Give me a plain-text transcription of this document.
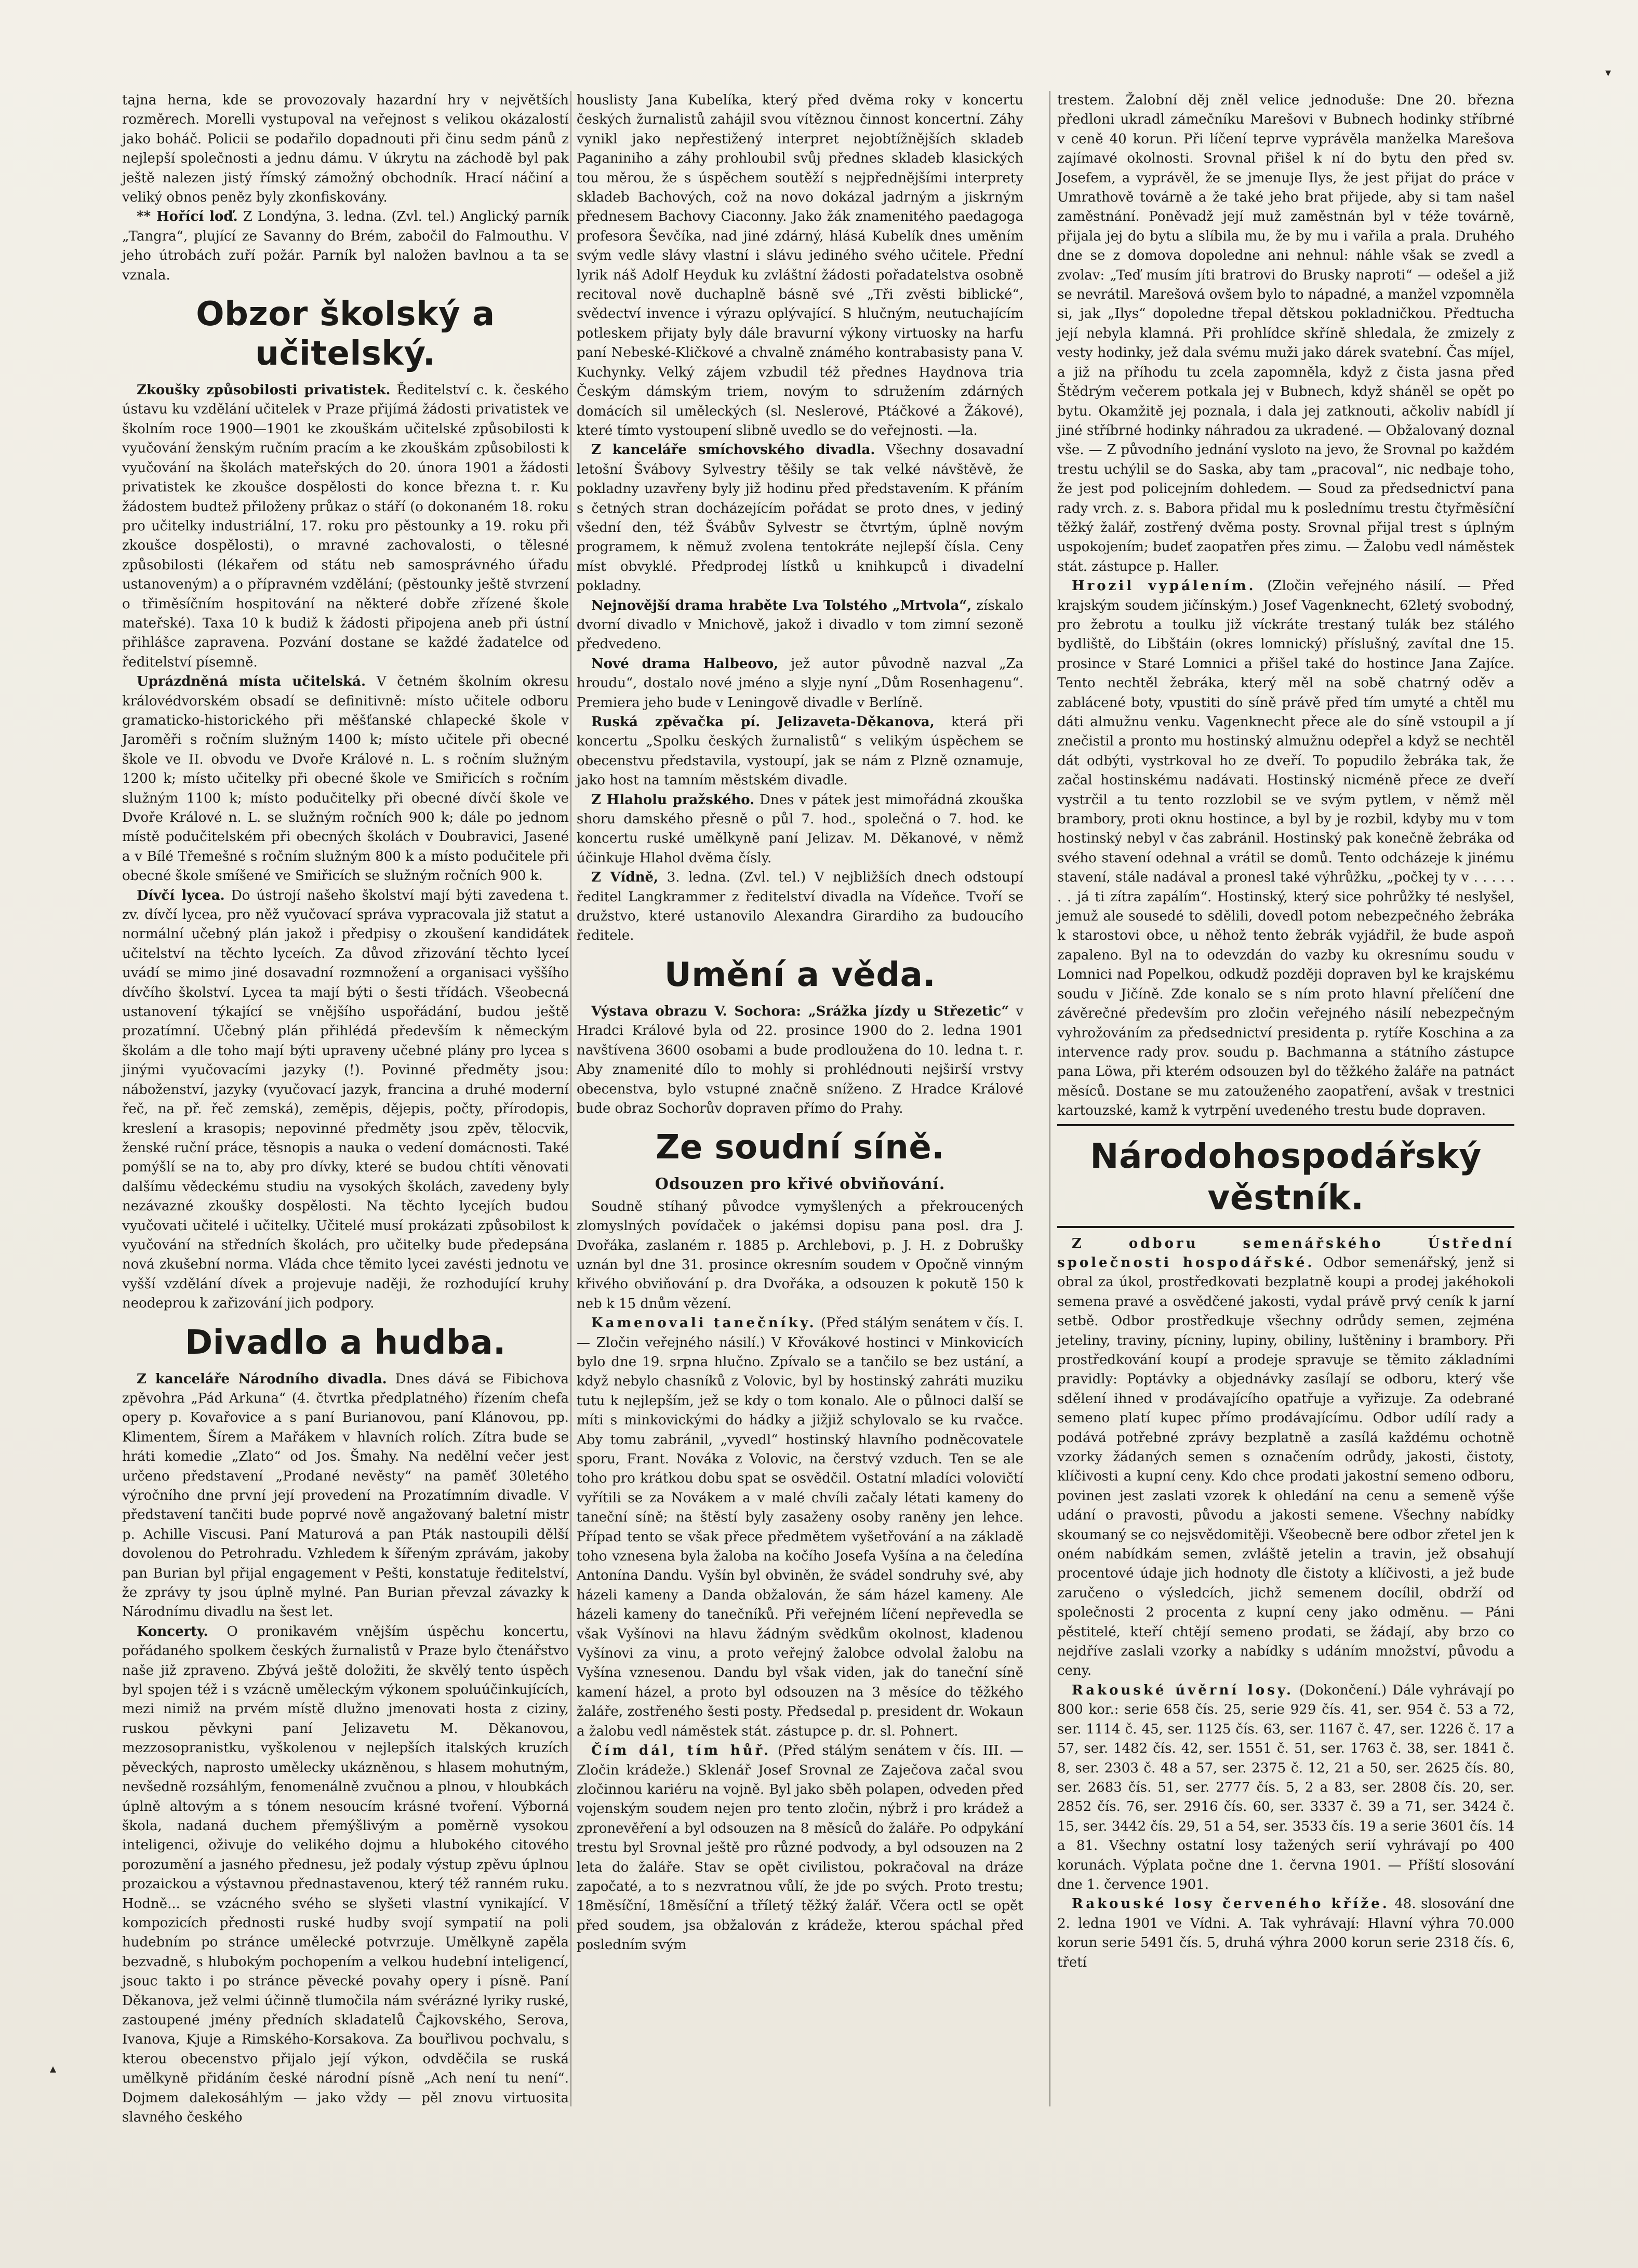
▾
▴

tajna herna, kde se provozovaly hazardní hry v největších rozměrech. Morelli vystupoval na veřejnost s velikou okázalostí jako boháč. Policii se podařilo dopadnouti při činu sedm pánů z nejlepší společnosti a jednu dámu. V úkrytu na záchodě byl pak ještě nalezen jistý římský zámožný obchodník. Hrací náčiní a veliký obnos peněz byly zkonfiskovány.

** Hořící loď. Z Londýna, 3. ledna. (Zvl. tel.) Anglický parník „Tangra“, plující ze Savanny do Brém, zabočil do Falmouthu. V jeho útrobách zuří požár. Parník byl naložen bavlnou a ta se vznala.

Obzor školský a učitelský.

Zkoušky způsobilosti privatistek. Ředitelství c. k. českého ústavu ku vzdělání učitelek v Praze přijímá žádosti privatistek ve školním roce 1900—1901 ke zkouškám učitelské způsobilosti k vyučování ženským ručním pracím a ke zkouškám způsobilosti k vyučování na školách mateřských do 20. února 1901 a žádosti privatistek ke zkoušce dospělosti do konce března t. r. Ku žádostem budtež přiloženy průkaz o stáří (o dokonaném 18. roku pro učitelky industriální, 17. roku pro pěstounky a 19. roku při zkoušce dospělosti), o mravné zachovalosti, o tělesné způsobilosti (lékařem od státu neb samosprávného úřadu ustanoveným) a o přípravném vzdělání; (pěstounky ještě stvrzení o třiměsíčním hospitování na některé dobře zřízené škole mateřské). Taxa 10 k budiž k žádosti připojena aneb při ústní přihlášce zapravena. Pozvání dostane se každé žadatelce od ředitelství písemně.

Uprázdněná místa učitelská. V četném školním okresu královédvorském obsadí se definitivně: místo učitele odboru gramaticko-historického při měšťanské chlapecké škole v Jaroměři s ročním služným 1400 k; místo učitele při obecné škole ve II. obvodu ve Dvoře Králové n. L. s ročním služným 1200 k; místo učitelky při obecné škole ve Smiřicích s ročním služným 1100 k; místo podučitelky při obecné dívčí škole ve Dvoře Králové n. L. se služným ročních 900 k; dále po jednom místě podučitelském při obecných školách v Doubravici, Jasené a v Bílé Třemešné s ročním služným 800 k a místo podučitele při obecné škole smíšené ve Smiřicích se služným ročních 900 k.

Dívčí lycea. Do ústrojí našeho školství mají býti zavedena t. zv. dívčí lycea, pro něž vyučovací správa vypracovala již statut a normální učebný plán jakož i předpisy o zkoušení kandidátek učitelství na těchto lyceích. Za důvod zřizování těchto lyceí uvádí se mimo jiné dosavadní rozmnožení a organisaci vyššího dívčího školství. Lycea ta mají býti o šesti třídách. Všeobecná ustanovení týkající se vnějšího uspořádání, budou ještě prozatímní. Učebný plán přihlédá především k německým školám a dle toho mají býti upraveny učebné plány pro lycea s jinými vyučovacími jazyky (!). Povinné předměty jsou: náboženství, jazyky (vyučovací jazyk, francina a druhé moderní řeč, na př. řeč zemská), zeměpis, dějepis, počty, přírodopis, kreslení a krasopis; nepovinné předměty jsou zpěv, tělocvik, ženské ruční práce, těsnopis a nauka o vedení domácnosti. Také pomýšlí se na to, aby pro dívky, které se budou chtíti věnovati dalšímu vědeckému studiu na vysokých školách, zavedeny byly nezávazné zkoušky dospělosti. Na těchto lycejích budou vyučovati učitelé i učitelky. Učitelé musí prokázati způsobilost k vyučování na středních školách, pro učitelky bude předepsána nová zkušební norma. Vláda chce těmito lycei zavésti jednotu ve vyšší vzdělání dívek a projevuje naději, že rozhodující kruhy neodeprou k zařizování jich podpory.

Divadlo a hudba.

Z kanceláře Národního divadla. Dnes dává se Fibichova zpěvohra „Pád Arkuna“ (4. čtvrtka předplatného) řízením chefa opery p. Kovařovice a s paní Burianovou, paní Klánovou, pp. Klimentem, Šírem a Mařákem v hlavních rolích. Zítra bude se hráti komedie „Zlato“ od Jos. Šmahy. Na nedělní večer jest určeno představení „Prodané nevěsty“ na paměť 30letého výročního dne první její provedení na Prozatímním divadle. V představení tančiti bude poprvé nově angažovaný baletní mistr p. Achille Viscusi. Paní Maturová a pan Pták nastoupili dělší dovolenou do Petrohradu. Vzhledem k šířeným zprávám, jakoby pan Burian byl přijal engagement v Pešti, konstatuje ředitelství, že zprávy ty jsou úplně mylné. Pan Burian převzal závazky k Národnímu divadlu na šest let.

Koncerty. O pronikavém vnějším úspěchu koncertu, pořádaného spolkem českých žurnalistů v Praze bylo čtenářstvo naše již zpraveno. Zbývá ještě doložiti, že skvělý tento úspěch byl spojen též i s vzácně uměleckým výkonem spoluúčinkujících, mezi nimiž na prvém místě dlužno jmenovati hosta z ciziny, ruskou pěvkyni paní Jelizavetu M. Děkanovou, mezzosopranistku, vyškolenou v nejlepších italských kruzích pěveckých, naprosto umělecky ukázněnou, s hlasem mohutným, nevšedně rozsáhlým, fenomenálně zvučnou a plnou, v hloubkách úplně altovým a s tónem nesoucím krásné tvoření. Výborná škola, nadaná duchem přemýšlivým a poměrně vysokou inteligenci, oživuje do velikého dojmu a hlubokého citového porozumění a jasného přednesu, jež podaly výstup zpěvu úplnou prozaickou a výstavnou přednastavenou, který též ranném ruku. Hodně... se vzácného svého se slyšeti vlastní vynikající. V kompozicích přednosti ruské hudby svojí sympatií na poli hudebním po stránce umělecké potvrzuje. Umělkyně zapěla bezvadně, s hlubokým pochopením a velkou hudební inteligencí, jsouc takto i po stránce pěvecké povahy opery i písně. Paní Děkanova, jež velmi účinně tlumočila nám svérázné lyriky ruské, zastoupené jmény předních skladatelů Čajkovského, Serova, Ivanova, Kjuje a Rimského-Korsakova. Za bouřlivou pochvalu, s kterou obecenstvo přijalo její výkon, odvděčila se ruská umělkyně přidáním české národní písně „Ach není tu není“. Dojmem dalekosáhlým — jako vždy — pěl znovu virtuosita slavného českého

houslisty Jana Kubelíka, který před dvěma roky v koncertu českých žurnalistů zahájil svou vítěznou činnost koncertní. Záhy vynikl jako nepřestižený interpret nejobtížnějších skladeb Paganiniho a záhy prohloubil svůj přednes skladeb klasických tou měrou, že s úspěchem soutěží s nejpřednějšími interprety skladeb Bachových, což na novo dokázal jadrným a jiskrným přednesem Bachovy Ciaconny. Jako žák znamenitého paedagoga profesora Ševčíka, nad jiné zdárný, hlásá Kubelík dnes uměním svým vedle slávy vlastní i slávu jediného svého učitele. Přední lyrik náš Adolf Heyduk ku zvláštní žádosti pořadatelstva osobně recitoval nově duchaplně básně své „Tři zvěsti biblické“, svědectví invence i výrazu oplývající. S hlučným, neutuchajícím potleskem přijaty byly dále bravurní výkony virtuosky na harfu paní Nebeské-Kličkové a chvalně známého kontrabasisty pana V. Kuchynky. Velký zájem vzbudil též přednes Haydnova tria Českým dámským triem, novým to sdružením zdárných domácích sil uměleckých (sl. Neslerové, Ptáčkové a Žákové), které tímto vystoupení slibně uvedlo se do veřejnosti. —la.

Z kanceláře smíchovského divadla. Všechny dosavadní letošní Švábovy Sylvestry těšily se tak velké návštěvě, že pokladny uzavřeny byly již hodinu před představením. K přáním s četných stran docházejícím pořádat se proto dnes, v jediný všední den, též Švábův Sylvestr se čtvrtým, úplně novým programem, k němuž zvolena tentokráte nejlepší čísla. Ceny míst obvyklé. Předprodej lístků u knihkupců i divadelní pokladny.

Nejnovější drama hraběte Lva Tolstého „Mrtvola“, získalo dvorní divadlo v Mnichově, jakož i divadlo v tom zimní sezoně předvedeno.

Nové drama Halbeovo, jež autor původně nazval „Za hroudu“, dostalo nové jméno a slyje nyní „Dům Rosenhagenu“. Premiera jeho bude v Leningově divadle v Berlíně.

Ruská zpěvačka pí. Jelizaveta-Děkanova, která při koncertu „Spolku českých žurnalistů“ s velikým úspěchem se obecenstvu představila, vystoupí, jak se nám z Plzně oznamuje, jako host na tamním městském divadle.

Z Hlaholu pražského. Dnes v pátek jest mimořádná zkouška shoru damského přesně o půl 7. hod., společná o 7. hod. ke koncertu ruské umělkyně paní Jelizav. M. Děkanové, v němž účinkuje Hlahol dvěma čísly.

Z Vídně, 3. ledna. (Zvl. tel.) V nejbližších dnech odstoupí ředitel Langkrammer z ředitelství divadla na Vídeňce. Tvoří se družstvo, které ustanovilo Alexandra Girardiho za budoucího ředitele.

Umění a věda.

Výstava obrazu V. Sochora: „Srážka jízdy u Střezetic“ v Hradci Králové byla od 22. prosince 1900 do 2. ledna 1901 navštívena 3600 osobami a bude prodloužena do 10. ledna t. r. Aby znamenité dílo to mohly si prohlédnouti nejširší vrstvy obecenstva, bylo vstupné značně sníženo. Z Hradce Králové bude obraz Sochorův dopraven přímo do Prahy.

Ze soudní síně.
Odsouzen pro křivé obviňování.

Soudně stíhaný původce vymyšlených a překroucených zlomyslných povídaček o jakémsi dopisu pana posl. dra J. Dvořáka, zaslaném r. 1885 p. Archlebovi, p. J. H. z Dobrušky uznán byl dne 31. prosince okresním soudem v Opočně vinným křivého obviňování p. dra Dvořáka, a odsouzen k pokutě 150 k neb k 15 dnům vězení.

Kamenovali tanečníky. (Před stálým senátem v čís. I. — Zločin veřejného násilí.) V Křovákové hostinci v Minkovicích bylo dne 19. srpna hlučno. Zpívalo se a tančilo se bez ustání, a když nebylo chasníků z Volovic, byl by hostinský zahráti muziku tutu k nejlepším, jež se kdy o tom konalo. Ale o půlnoci další se míti s minkovickými do hádky a jižjiž schylovalo se ku rvačce. Aby tomu zabránil, „vyvedl“ hostinský hlavního podněcovatele sporu, Frant. Nováka z Volovic, na čerstvý vzduch. Ten se ale toho pro krátkou dobu spat se osvědčil. Ostatní mladíci volovičtí vyřítili se za Novákem a v malé chvíli začaly létati kameny do taneční síně; na štěstí byly zasaženy osoby raněny jen lehce. Případ tento se však přece předmětem vyšetřování a na základě toho vznesena byla žaloba na kočího Josefa Vyšína a na čeledína Antonína Dandu. Vyšín byl obviněn, že svádel sondruhy své, aby házeli kameny a Danda obžalován, že sám házel kameny. Ale házeli kameny do tanečníků. Při veřejném líčení nepřevedla se však Vyšínovi na hlavu žádným svědkům okolnost, kladenou Vyšínovi za vinu, a proto veřejný žalobce odvolal žalobu na Vyšína vznesenou. Dandu byl však viden, jak do taneční síně kamení házel, a proto byl odsouzen na 3 měsíce do těžkého žaláře, zostřeného šesti posty. Předsedal p. president dr. Wokaun a žalobu vedl náměstek stát. zástupce p. dr. sl. Pohnert.

Čím dál, tím hůř. (Před stálým senátem v čís. III. — Zločin krádeže.) Sklenář Josef Srovnal ze Zaječova začal svou zločinnou kariéru na vojně. Byl jako sběh polapen, odveden před vojenským soudem nejen pro tento zločin, nýbrž i pro krádež a zpronevěření a byl odsouzen na 8 měsíců do žaláře. Po odpykání trestu byl Srovnal ještě pro různé podvody, a byl odsouzen na 2 leta do žaláře. Stav se opět civilistou, pokračoval na dráze započaté, a to s nezvratnou vůlí, že jde po svých. Proto trestu; 18měsíční, 18měsíční a tříletý těžký žalář. Včera octl se opět před soudem, jsa obžalován z krádeže, kterou spáchal před posledním svým

trestem. Žalobní děj zněl velice jednoduše: Dne 20. března předloni ukradl zámečníku Marešovi v Bubnech hodinky stříbrné v ceně 40 korun. Při líčení teprve vyprávěla manželka Marešova zajímavé okolnosti. Srovnal přišel k ní do bytu den před sv. Josefem, a vyprávěl, že se jmenuje Ilys, že jest přijat do práce v Umrathově továrně a že také jeho brat přijede, aby si tam našel zaměstnání. Poněvadž její muž zaměstnán byl v téže továrně, přijala jej do bytu a slíbila mu, že by mu i vařila a prala. Druhého dne se z domova dopoledne ani nehnul: náhle však se zvedl a zvolav: „Teď musím jíti bratrovi do Brusky naproti“ — odešel a již se nevrátil. Marešová ovšem bylo to nápadné, a manžel vzpomněla si, jak „Ilys“ dopoledne třepal dětskou pokladničkou. Předtucha její nebyla klamná. Při prohlídce skříně shledala, že zmizely z vesty hodinky, jež dala svému muži jako dárek svatební. Čas míjel, a již na příhodu tu zcela zapomněla, když z čista jasna před Štědrým večerem potkala jej v Bubnech, když sháněl se opět po bytu. Okamžitě jej poznala, i dala jej zatknouti, ačkoliv nabídl jí jiné stříbrné hodinky náhradou za ukradené. — Obžalovaný doznal vše. — Z původního jednání vysloto na jevo, že Srovnal po každém trestu uchýlil se do Saska, aby tam „pracoval“, nic nedbaje toho, že jest pod policejním dohledem. — Soud za předsednictví pana rady vrch. z. s. Babora přidal mu k poslednímu trestu čtyřměsíční těžký žalář, zostřený dvěma posty. Srovnal přijal trest s úplným uspokojením; budeť zaopatřen přes zimu. — Žalobu vedl náměstek stát. zástupce p. Haller.

Hrozil vypálením. (Zločin veřejného násilí. — Před krajským soudem jičínským.) Josef Vagenknecht, 62letý svobodný, pro žebrotu a toulku již víckráte trestaný tulák bez stálého bydliště, do Libštáin (okres lomnický) příslušný, zavítal dne 15. prosince v Staré Lomnici a přišel také do hostince Jana Zajíce. Tento nechtěl žebráka, který měl na sobě chatrný oděv a zablácené boty, vpustiti do síně právě před tím umyté a chtěl mu dáti almužnu venku. Vagenknecht přece ale do síně vstoupil a jí znečistil a pronto mu hostinský almužnu odepřel a když se nechtěl dát odbýti, vystrkoval ho ze dveří. To popudilo žebráka tak, že začal hostinskému nadávati. Hostinský nicméně přece ze dveří vystrčil a tu tento rozzlobil se ve svým pytlem, v němž měl brambory, proti oknu hostince, a byl by je rozbil, kdyby mu v tom hostinský nebyl v čas zabránil. Hostinský pak konečně žebráka od svého stavení odehnal a vrátil se domů. Tento odcházeje k jinému stavení, stále nadával a pronesl také výhrůžku, „počkej ty v . . . . . . . já ti zítra zapálím“. Hostinský, který sice pohrůžky té neslyšel, jemuž ale sousedé to sdělili, dovedl potom nebezpečného žebráka k starostovi obce, u něhož tento žebrák vyjádřil, že bude aspoň zapaleno. Byl na to odevzdán do vazby ku okresnímu soudu v Lomnici nad Popelkou, odkudž později dopraven byl ke krajskému soudu v Jičíně. Zde konalo se s ním proto hlavní přelíčení dne závěrečné především pro zločin veřejného násilí nebezpečným vyhrožováním za předsednictví presidenta p. rytíře Koschina a za intervence rady prov. soudu p. Bachmanna a státního zástupce pana Löwa, při kterém odsouzen byl do těžkého žaláře na patnáct měsíců. Dostane se mu zatouženého zaopatření, avšak v trestnici kartouzské, kamž k vytrpění uvedeného trestu bude dopraven.

Národohospodářský věstník.

Z odboru semenářského Ústřední společnosti hospodářské. Odbor semenářský, jenž si obral za úkol, prostředkovati bezplatně koupi a prodej jakéhokoli semena pravé a osvědčené jakosti, vydal právě prvý ceník k jarní setbě. Odbor prostředkuje všechny odrůdy semen, zejména jeteliny, traviny, pícniny, lupiny, obiliny, luštěniny i brambory. Při prostředkování koupí a prodeje spravuje se těmito základními pravidly: Poptávky a objednávky zasílají se odboru, který vše sdělení ihned v prodávajícího opatřuje a vyřizuje. Za odebrané semeno platí kupec přímo prodávajícímu. Odbor udílí rady a podává potřebné zprávy bezplatně a zasílá každému ochotně vzorky žádaných semen s označením odrůdy, jakosti, čistoty, klíčivosti a kupní ceny. Kdo chce prodati jakostní semeno odboru, povinen jest zaslati vzorek k ohledání na cenu a semeně výše udání o pravosti, původu a jakosti semene. Všechny nabídky skoumaný se co nejsvědomitěji. Všeobecně bere odbor zřetel jen k oném nabídkám semen, zvláště jetelin a travin, jež obsahují procentové údaje jich hodnoty dle čistoty a klíčivosti, a jež bude zaručeno o výsledcích, jichž semenem docílil, obdrží od společnosti 2 procenta z kupní ceny jako odměnu. — Páni pěstitelé, kteří chtějí semeno prodati, se žádají, aby brzo co nejdříve zaslali vzorky a nabídky s udáním množství, původu a ceny.

Rakouské úvěrní losy. (Dokončení.) Dále vyhrávají po 800 kor.: serie 658 čís. 25, serie 929 čís. 41, ser. 954 č. 53 a 72, ser. 1114 č. 45, ser. 1125 čís. 63, ser. 1167 č. 47, ser. 1226 č. 17 a 57, ser. 1482 čís. 42, ser. 1551 č. 51, ser. 1763 č. 38, ser. 1841 č. 8, ser. 2303 č. 48 a 57, ser. 2375 č. 12, 21 a 50, ser. 2625 čís. 80, ser. 2683 čís. 51, ser. 2777 čís. 5, 2 a 83, ser. 2808 čís. 20, ser. 2852 čís. 76, ser. 2916 čís. 60, ser. 3337 č. 39 a 71, ser. 3424 č. 15, ser. 3442 čís. 29, 51 a 54, ser. 3533 čís. 19 a serie 3601 čís. 14 a 81. Všechny ostatní losy tažených serií vyhrávají po 400 korunách. Výplata počne dne 1. června 1901. — Příští slosování dne 1. července 1901.

Rakouské losy červeného kříže. 48. slosování dne 2. ledna 1901 ve Vídni. A. Tak vyhrávají: Hlavní výhra 70.000 korun serie 5491 čís. 5, druhá výhra 2000 korun serie 2318 čís. 6, třetí
